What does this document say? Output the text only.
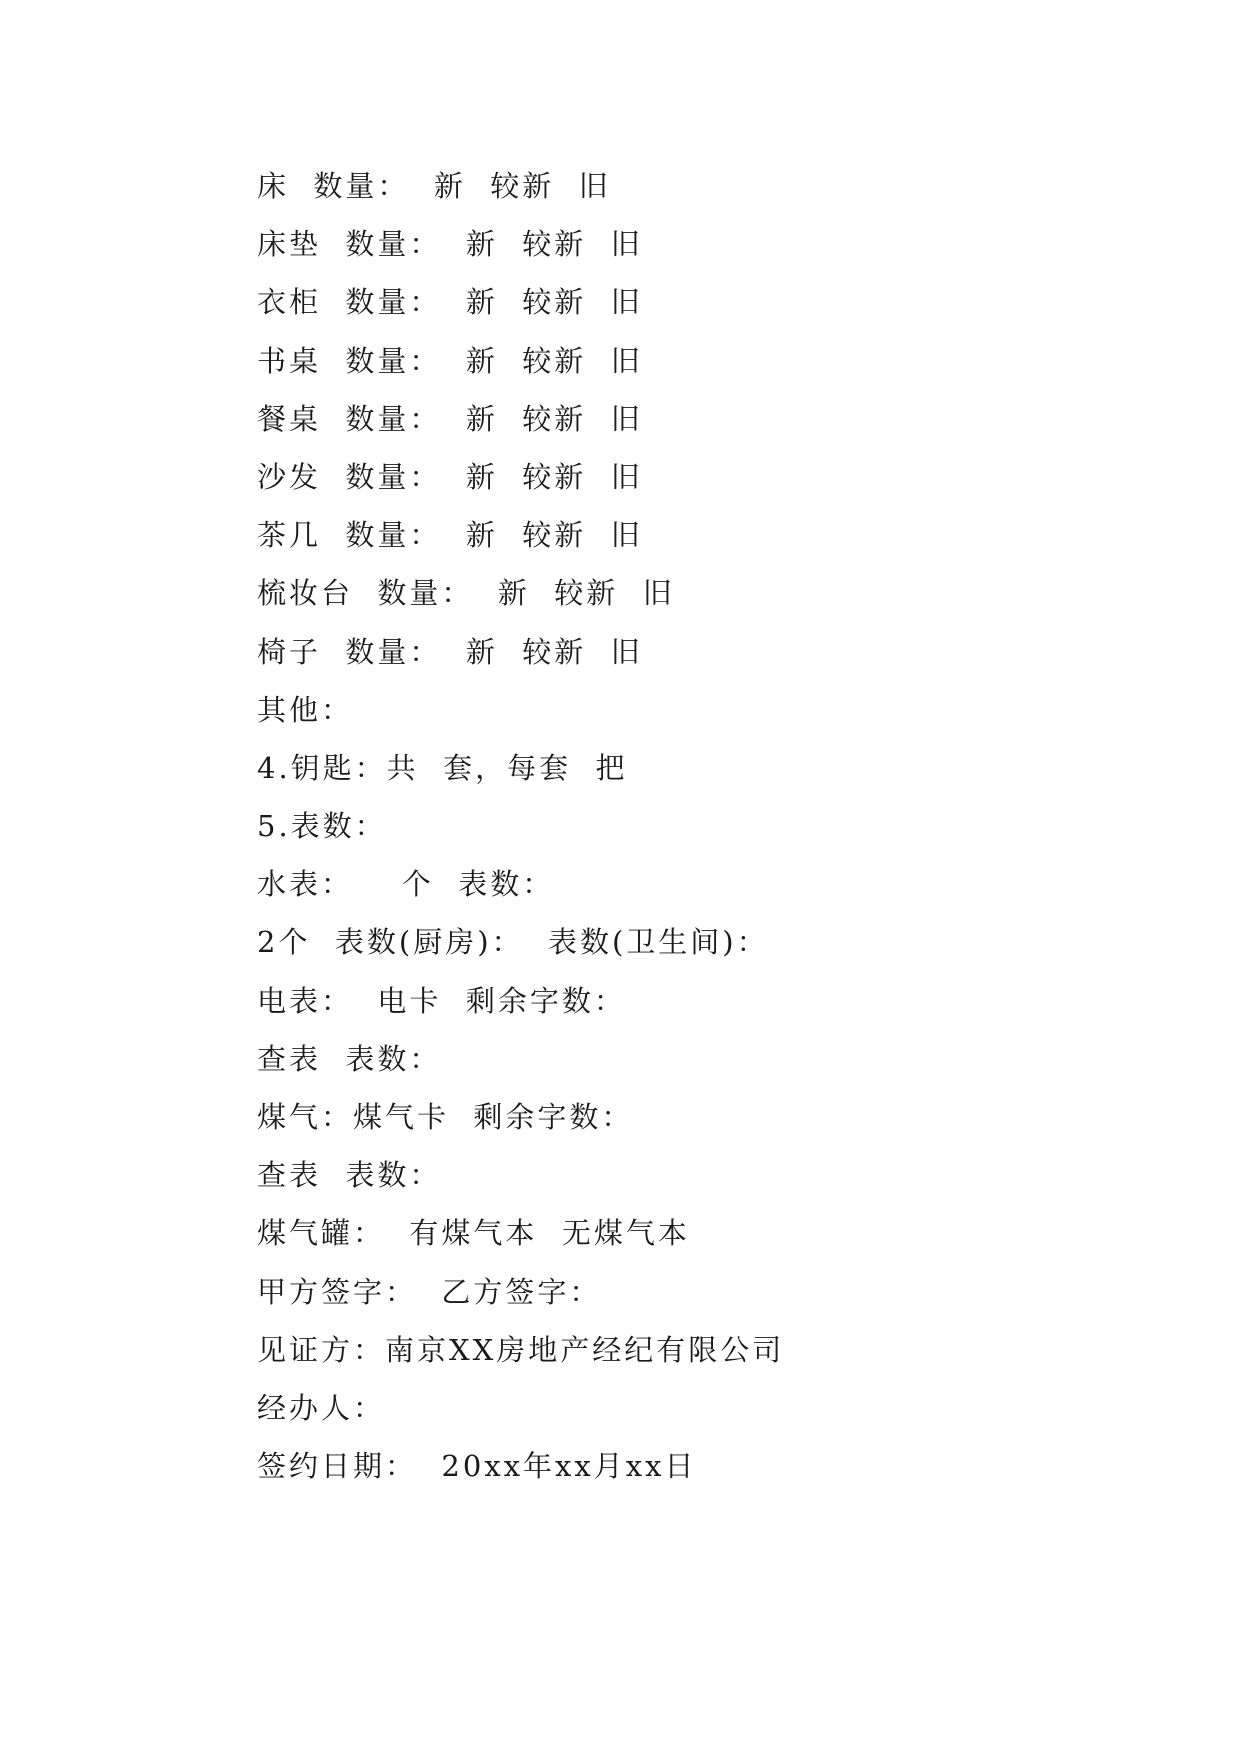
床  数量：  新  较新  旧
床垫  数量：  新  较新  旧
衣柜  数量：  新  较新  旧
书桌  数量：  新  较新  旧
餐桌  数量：  新  较新  旧
沙发  数量：  新  较新  旧
茶几  数量：  新  较新  旧
梳妆台  数量：  新  较新  旧
椅子  数量：  新  较新  旧
其他：
4.钥匙：共  套，每套  把
5.表数：
水表：    个  表数：
2个  表数(厨房)：  表数(卫生间)：
电表：  电卡  剩余字数：
查表  表数：
煤气：煤气卡  剩余字数：
查表  表数：
煤气罐：  有煤气本  无煤气本
甲方签字：  乙方签字：
见证方：南京XX房地产经纪有限公司
经办人：
签约日期：  20xx年xx月xx日
